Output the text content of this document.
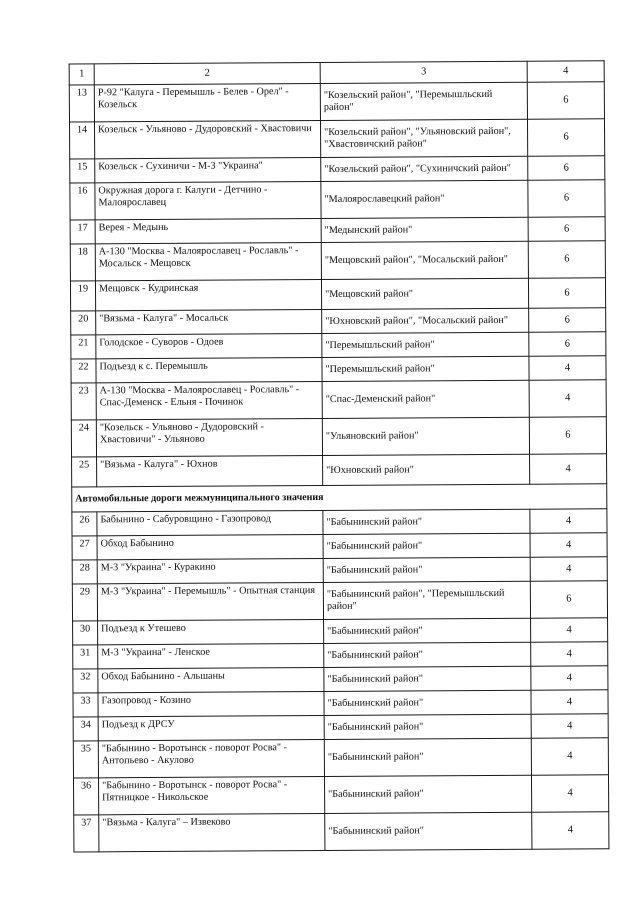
1	2	3	4
13	Р-92 "Калуга - Перемышль - Белев - Орел" - Козельск	"Козельский район", "Перемышльский район"	6
14	Козельск - Ульяново - Дудоровский - Хвастовичи	"Козельский район", "Ульяновский район", "Хвастовичский район"	6
15	Козельск - Сухиничи - М-3 "Украина"	"Козельский район", "Сухиничский район"	6
16	Окружная дорога г. Калуги - Детчино - Малоярославец	"Малоярославецкий район"	6
17	Верея - Медынь	"Медынский район"	6
18	А-130 "Москва - Малоярославец - Рославль" - Мосальск - Мещовск	"Мещовский район", "Мосальский район"	6
19	Мещовск - Кудринская	"Мещовский район"	6
20	"Вязьма - Калуга" - Мосальск	"Юхновский район", "Мосальский район"	6
21	Голодское - Суворов - Одоев	"Перемышльский район"	6
22	Подъезд к с. Перемышль	"Перемышльский район"	4
23	А-130 "Москва - Малоярославец - Рославль" - Спас-Деменск - Ельня - Починок	"Спас-Деменский район"	4
24	"Козельск - Ульяново - Дудоровский - Хвастовичи" - Ульяново	"Ульяновский район"	6
25	"Вязьма - Калуга" - Юхнов	"Юхновский район"	4
Автомобильные дороги межмуниципального значения			
26	Бабынино - Сабуровщино - Газопровод	"Бабынинский район"	4
27	Обход Бабынино	"Бабынинский район"	4
28	М-3 "Украина" - Куракино	"Бабынинский район"	4
29	М-3 "Украина" - Перемышль" - Опытная станция	"Бабынинский район", "Перемышльский район"	6
30	Подъезд к Утешево	"Бабынинский район"	4
31	М-3 "Украина" - Ленское	"Бабынинский район"	4
32	Обход Бабынино - Альшаны	"Бабынинский район"	4
33	Газопровод - Козино	"Бабынинский район"	4
34	Подъезд к ДРСУ	"Бабынинский район"	4
35	"Бабынино - Воротынск - поворот Росва" - Антопьево - Акулово	"Бабынинский район"	4
36	"Бабынино - Воротынск - поворот Росва" - Пятницкое - Никольское	"Бабынинский район"	4
37	"Вязьма - Калуга" – Извеково	"Бабынинский район"	4
